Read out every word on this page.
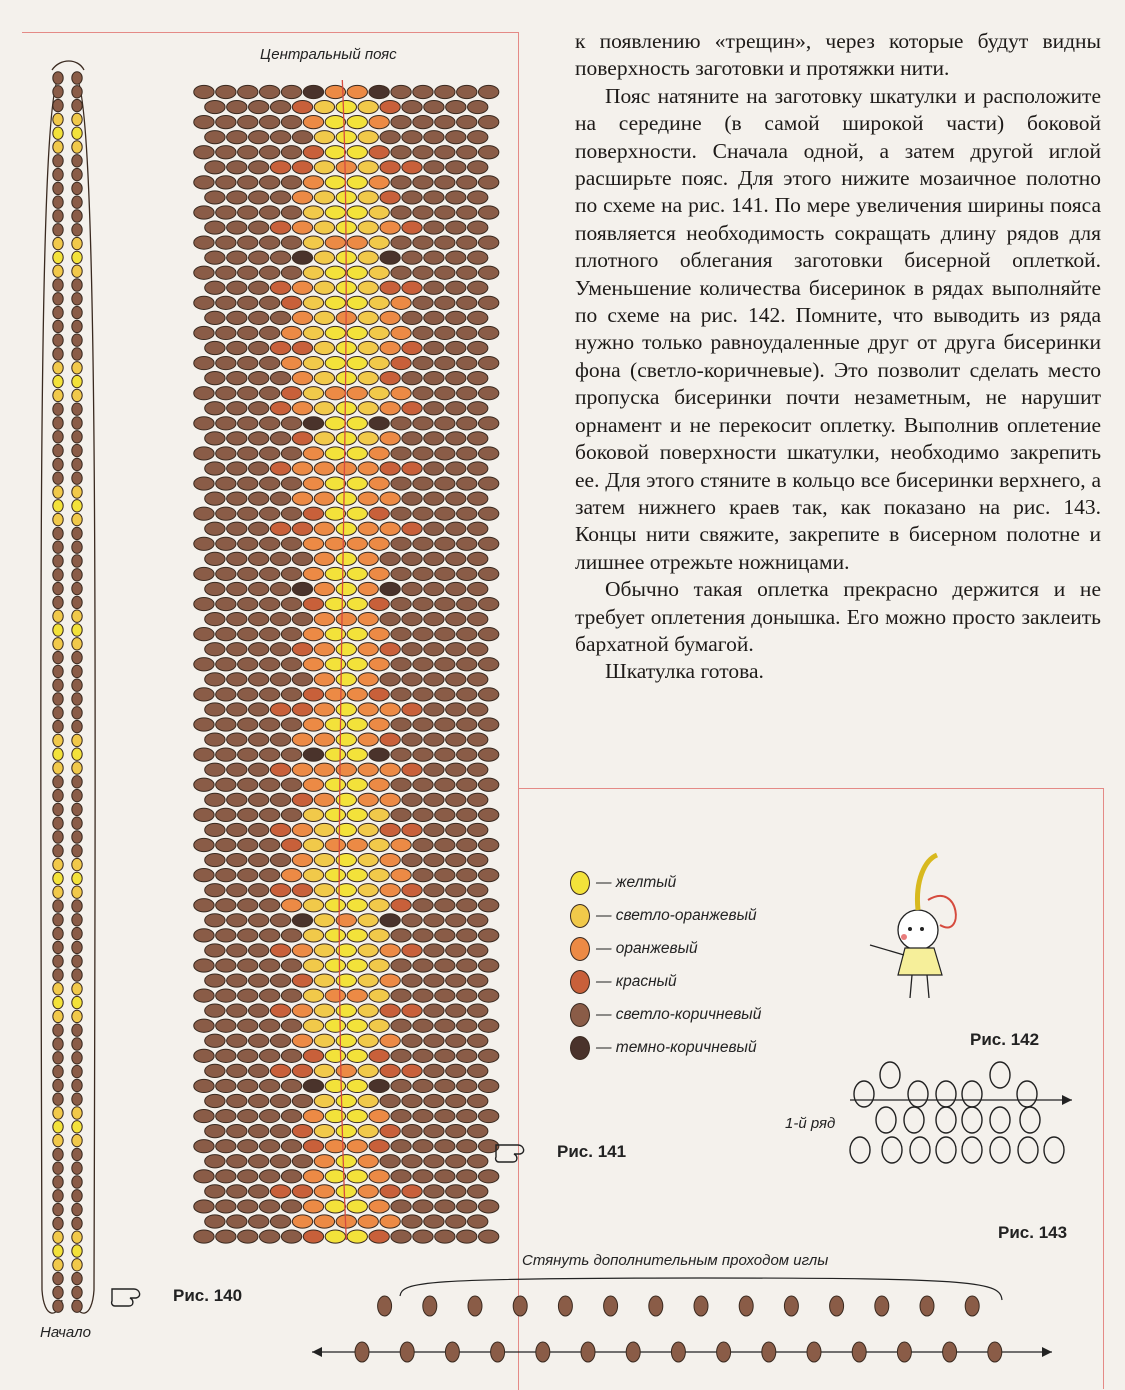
к появлению «трещин», через которые будут видны поверхность заготовки и протяжки нити.

Пояс натяните на заготовку шкатулки и расположите на середине (в самой широкой части) боковой поверхности. Сначала одной, а затем другой иглой расширьте пояс. Для этого нижите мозаичное полотно по схеме на рис. 141. По мере увеличения ширины пояса появляется необходимость сокращать длину рядов для плотного облегания заготовки бисерной оплеткой. Уменьшение количества бисеринок в рядах выполняйте по схеме на рис. 142. Помните, что выводить из ряда нужно только равноудаленные друг от друга бисеринки фона (светло-коричневые). Это позволит сделать место пропуска бисеринки почти незаметным, не нарушит орнамент и не перекосит оплетку. Выполнив оплетение боковой поверхности шкатулки, необходимо закрепить ее. Для этого стяните в кольцо все бисеринки верхнего, а затем нижнего краев так, как показано на рис. 143. Концы нити свяжите, закрепите в бисерном полотне и лишнее отрежьте ножницами.

Обычно такая оплетка прекрасно держится и не требует оплетения донышка. Его можно просто заклеить бархатной бумагой.

Шкатулка готова.

Центральный пояс
Начало
Рис. 140
Рис. 141
Рис. 142
Рис. 143
1-й ряд
Стянуть дополнительным проходом иглы
— желтый
— светло-оранжевый
— оранжевый
— красный
— светло-коричневый
— темно-коричневый
